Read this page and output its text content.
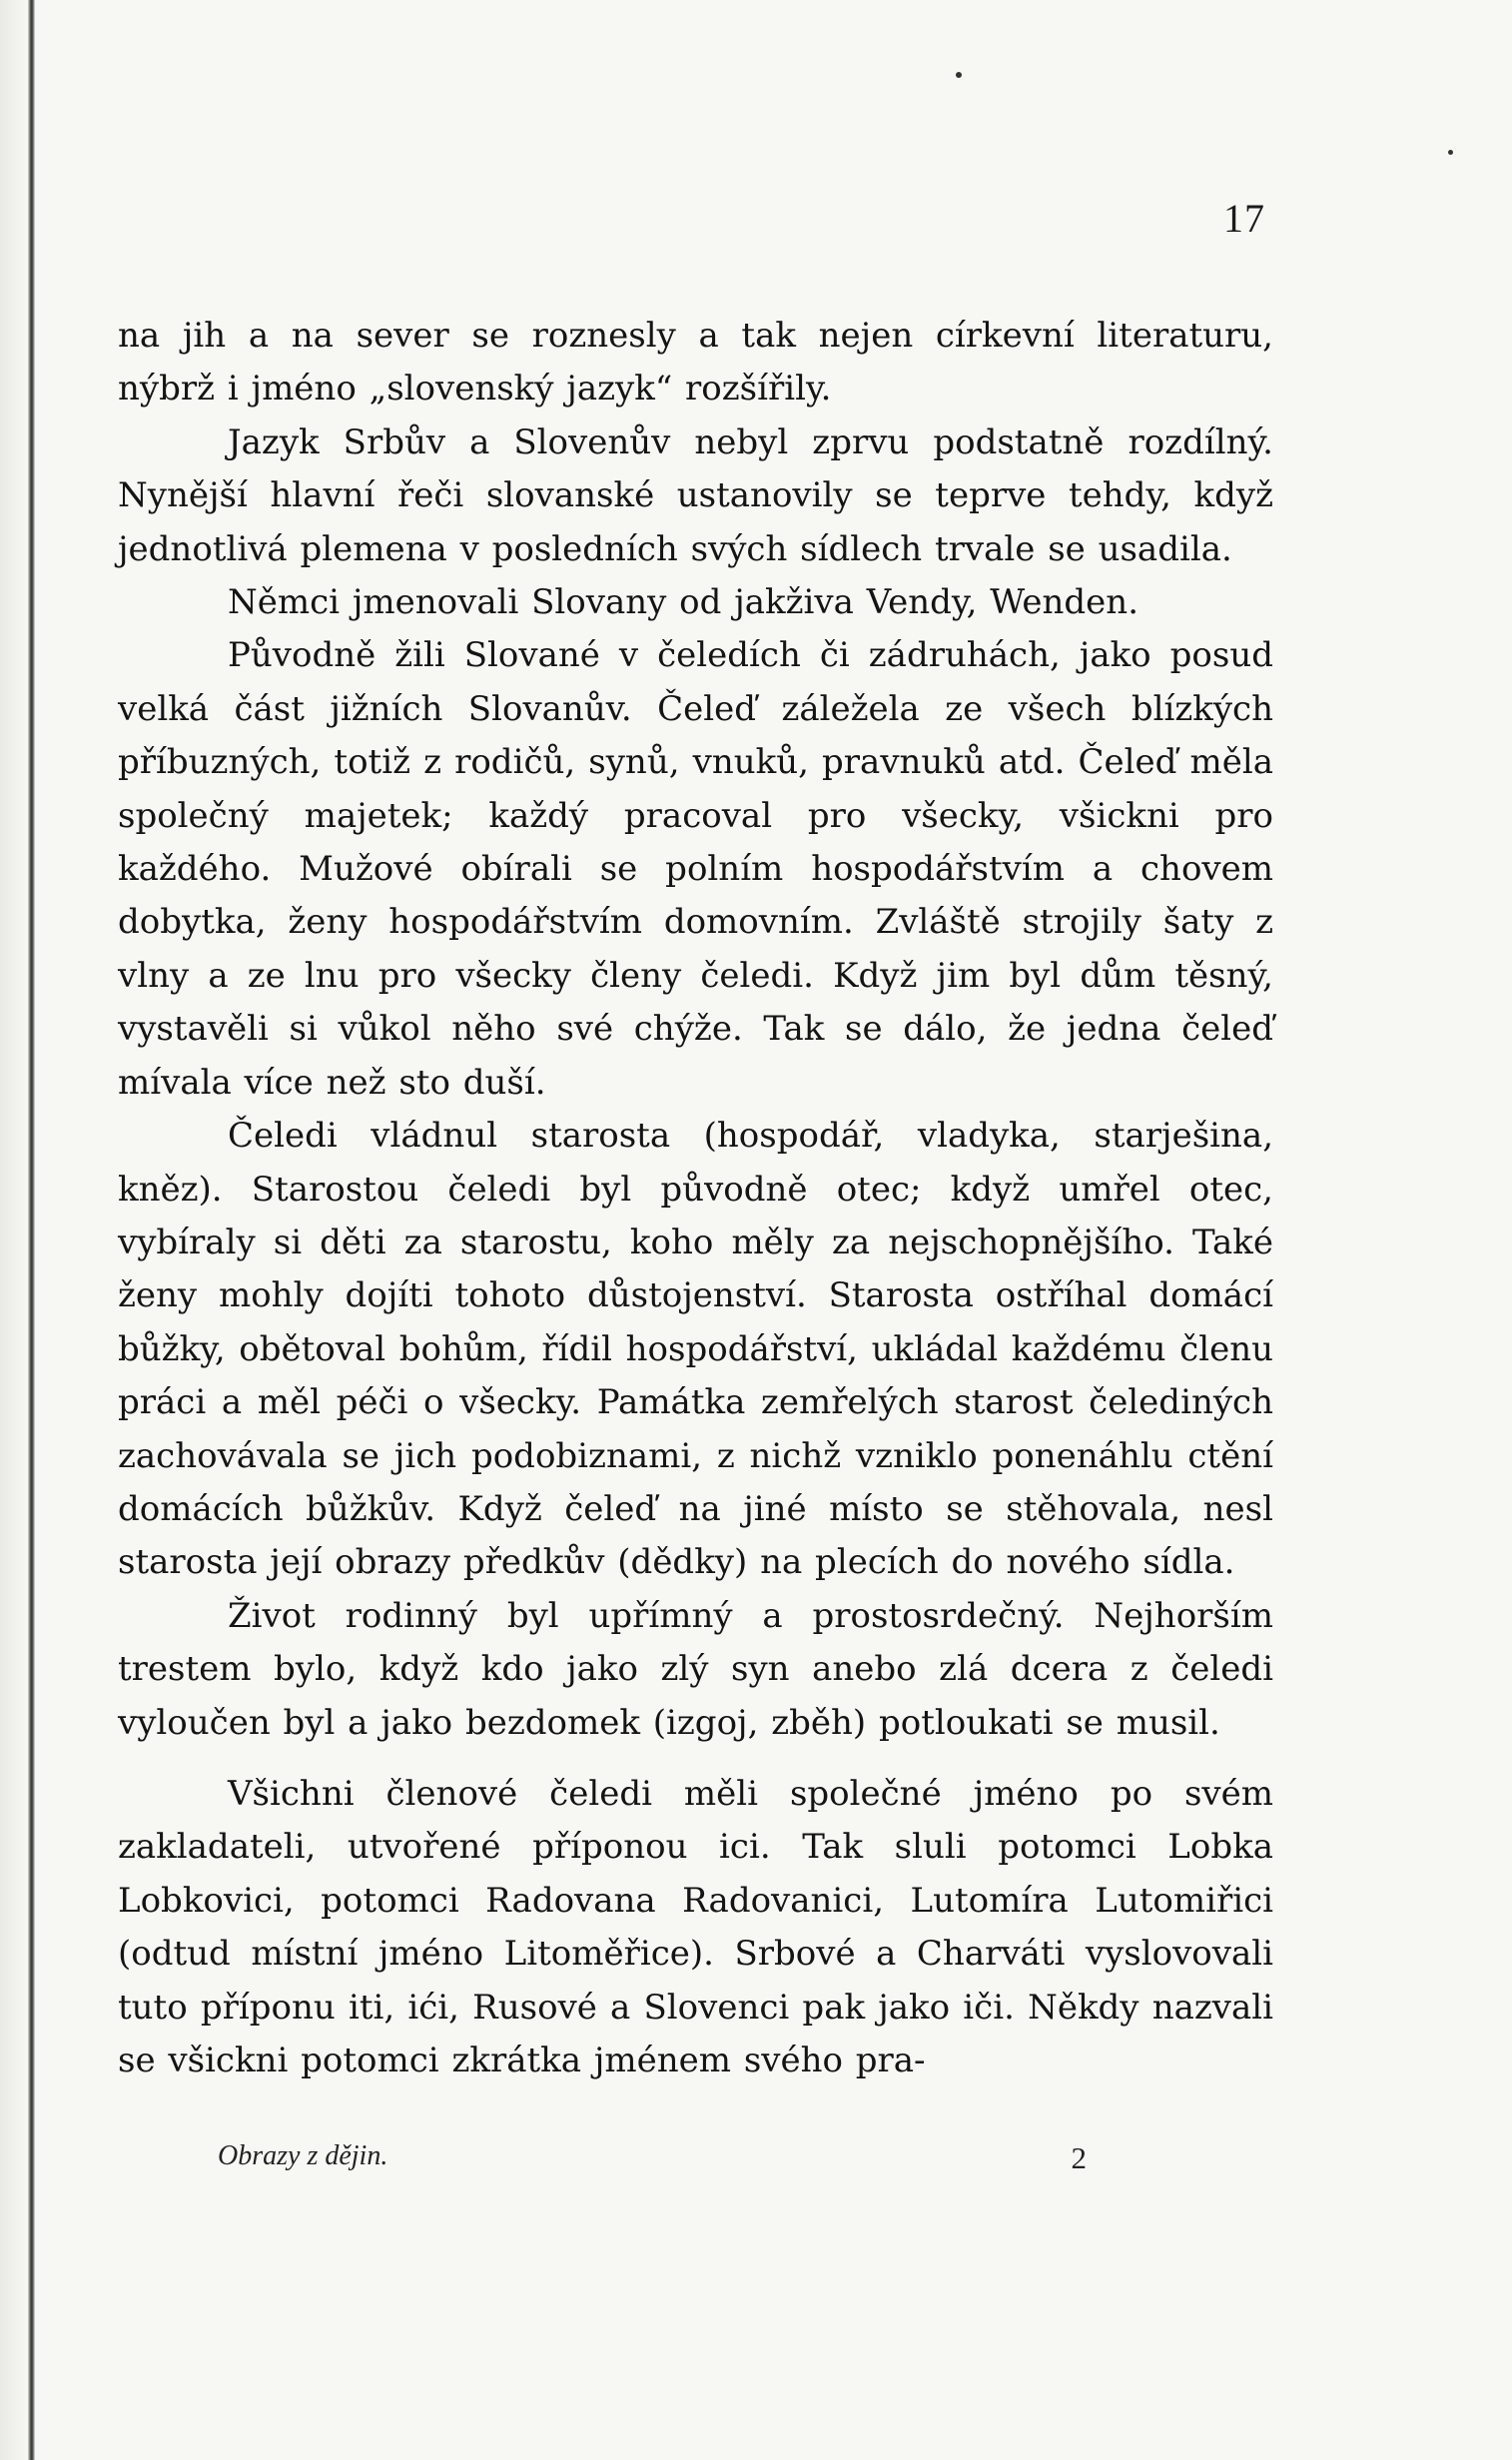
17

na jih a na sever se roznesly a tak nejen církevní literaturu, nýbrž i jméno „slovenský jazyk“ rozšířily.

Jazyk Srbův a Slovenův nebyl zprvu podstatně rozdílný. Nynější hlavní řeči slovanské ustanovily se teprve tehdy, když jednotlivá plemena v posledních svých sídlech trvale se usadila.

Němci jmenovali Slovany od jakživa Vendy, Wenden.

Původně žili Slované v čeledích či zádruhách, jako posud velká část jižních Slovanův. Čeleď záležela ze všech blízkých příbuzných, totiž z rodičů, synů, vnuků, pravnuků atd. Čeleď měla společný majetek; každý pracoval pro všecky, všickni pro každého. Mužové obírali se polním hospodářstvím a chovem dobytka, ženy hospodářstvím domovním. Zvláště strojily šaty z vlny a ze lnu pro všecky členy čeledi. Když jim byl dům těsný, vystavěli si vůkol něho své chýže. Tak se dálo, že jedna čeleď mívala více než sto duší.

Čeledi vládnul starosta (hospodář, vladyka, starješina, kněz). Starostou čeledi byl původně otec; když umřel otec, vybíraly si děti za starostu, koho měly za nejschopnějšího. Také ženy mohly dojíti tohoto důstojenství. Starosta ostříhal domácí bůžky, obětoval bohům, řídil hospodářství, ukládal každému členu práci a měl péči o všecky. Památka zemřelých starost čelediných zachovávala se jich podobiznami, z nichž vzniklo ponenáhlu ctění domácích bůžkův. Když čeleď na jiné místo se stěhovala, nesl starosta její obrazy předkův (dědky) na plecích do nového sídla.

Život rodinný byl upřímný a prostosrdečný. Nejhorším trestem bylo, když kdo jako zlý syn anebo zlá dcera z čeledi vyloučen byl a jako bezdomek (izgoj, zběh) potloukati se musil.

Všichni členové čeledi měli společné jméno po svém zakladateli, utvořené příponou ici. Tak sluli potomci Lobka Lobkovici, potomci Radovana Radovanici, Lutomíra Lutomiřici (odtud místní jméno Litoměřice). Srbové a Charváti vyslovovali tuto příponu iti, ići, Rusové a Slovenci pak jako iči. Někdy nazvali se všickni potomci zkrátka jménem svého pra-

Obrazy z dějin.	2
